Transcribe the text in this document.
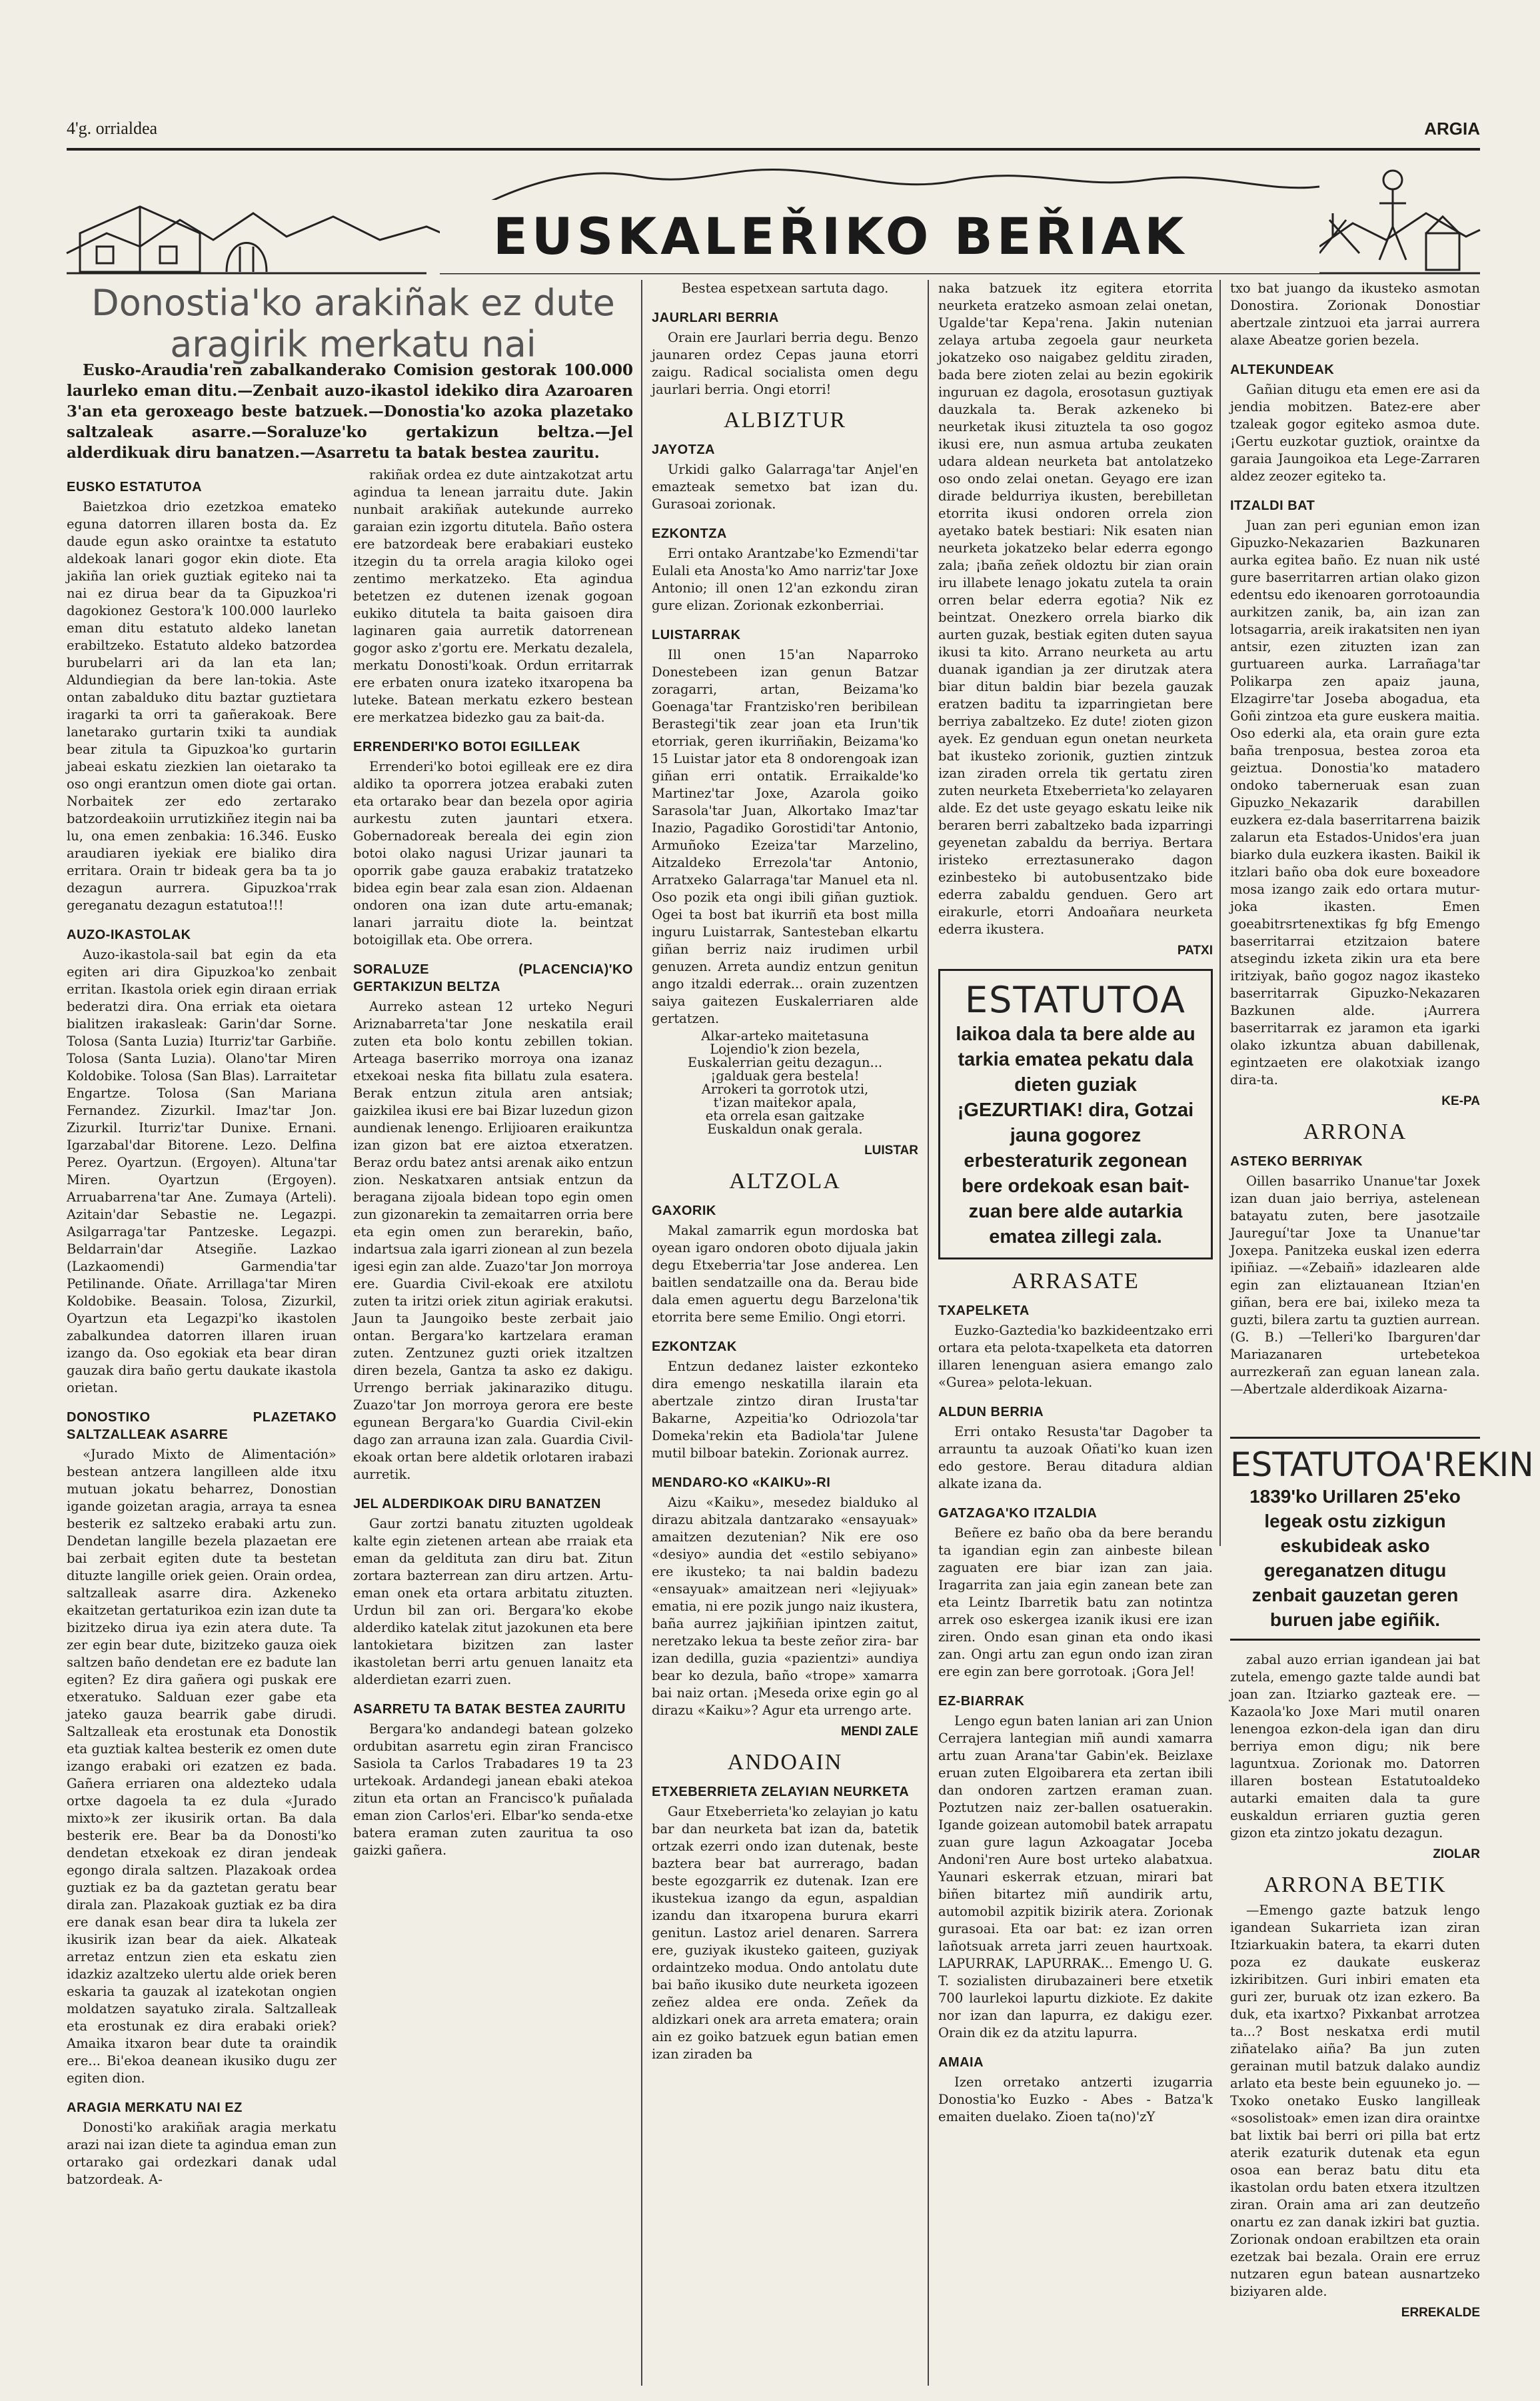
4'g. orrialdea	ARGIA
EUSKALEŘIKO BEŘIAK
Donostia'ko arakiñak ez dute aragirik merkatu nai

Eusko-Araudia'ren zabalkanderako Comision gestorak 100.000 laurleko eman ditu.—Zenbait auzo-ikastol idekiko dira Azaroaren 3'an eta geroxeago beste batzuek.—Donostia'ko azoka plazetako saltzaleak asarre.—Soraluze'ko gertakizun beltza.—Jel alderdikuak diru banatzen.—Asarretu ta batak bestea zauritu.

EUSKO ESTATUTOA

Baietzkoa drio ezetzkoa emateko eguna datorren illaren bosta da. Ez daude egun asko oraintxe ta estatuto aldekoak lanari gogor ekin diote. Eta jakiña lan oriek guztiak egiteko nai ta nai ez dirua bear da ta Gipuzkoa'ri dagokionez Gestora'k 100.000 laurleko eman ditu estatuto aldeko lanetan erabiltzeko. Estatuto aldeko batzordea burubelarri ari da lan eta lan; Aldundiegian da bere lan-tokia. Aste ontan zabalduko ditu baztar guztietara iragarki ta orri ta gañerakoak. Bere lanetarako gurtarin txiki ta aundiak bear zitula ta Gipuzkoa'ko gurtarin jabeai eskatu ziezkien lan oietarako ta oso ongi erantzun omen diote gai ortan. Norbaitek zer edo zertarako batzordeakoiin urrutizkiñez itegin nai ba lu, ona emen zenbakia: 16.346. Eusko araudiaren iyekiak ere bialiko dira erritara. Orain tr bideak gera ba ta jo dezagun aurrera. Gipuzkoa'rrak gereganatu dezagun estatutoa!!!

AUZO-IKASTOLAK

Auzo-ikastola-sail bat egin da eta egiten ari dira Gipuzkoa'ko zenbait erritan. Ikastola oriek egin diraan erriak bederatzi dira. Ona erriak eta oietara bialitzen irakasleak: Garin'dar Sorne. Tolosa (Santa Luzia) Iturriz'tar Garbiñe. Tolosa (Santa Luzia). Olano'tar Miren Koldobike. Tolosa (San Blas). Larraitetar Engartze. Tolosa (San Mariana Fernandez. Zizurkil. Imaz'tar Jon. Zizurkil. Iturriz'tar Dunixe. Ernani. Igarzabal'dar Bitorene. Lezo. Delfina Perez. Oyartzun. (Ergoyen). Altuna'tar Miren. Oyartzun (Ergoyen). Arruabarrena'tar Ane. Zumaya (Arteli). Azitain'dar Sebastie ne. Legazpi. Asilgarraga'tar Pantzeske. Legazpi. Beldarrain'dar Atsegiñe. Lazkao (Lazkaomendi) Garmendia'tar Petilinande. Oñate. Arrillaga'tar Miren Koldobike. Beasain. Tolosa, Zizurkil, Oyartzun eta Legazpi'ko ikastolen zabalkundea datorren illaren iruan izango da. Oso egokiak eta bear diran gauzak dira baño gertu daukate ikastola orietan.

DONOSTIKO PLAZETAKO SALTZALLEAK ASARRE

«Jurado Mixto de Alimentación» bestean antzera langilleen alde itxu mutuan jokatu beharrez, Donostian igande goizetan aragia, arraya ta esnea besterik ez saltzeko erabaki artu zun. Dendetan langille bezela plazaetan ere bai zerbait egiten dute ta bestetan dituzte langille oriek geien. Orain ordea, saltzalleak asarre dira. Azkeneko ekaitzetan gertaturikoa ezin izan dute ta bizitzeko dirua iya ezin atera dute. Ta zer egin bear dute, bizitzeko gauza oiek saltzen baño dendetan ere ez badute lan egiten? Ez dira gañera ogi puskak ere etxeratuko. Salduan ezer gabe eta jateko gauza bearrik gabe dirudi. Saltzalleak eta erostunak eta Donostik eta guztiak kaltea besterik ez omen dute izango erabaki ori ezatzen ez bada. Gañera erriaren ona aldezteko udala ortxe dagoela ta ez dula «Jurado mixto»k zer ikusirik ortan. Ba dala besterik ere. Bear ba da Donosti'ko dendetan etxekoak ez diran jendeak egongo dirala saltzen. Plazakoak ordea guztiak ez ba da gaztetan geratu bear dirala zan. Plazakoak guztiak ez ba dira ere danak esan bear dira ta lukela zer ikusirik izan bear da aiek. Alkateak arretaz entzun zien eta eskatu zien idazkiz azaltzeko ulertu alde oriek beren eskaria ta gauzak al izatekotan ongien moldatzen sayatuko zirala. Saltzalleak eta erostunak ez dira erabaki oriek? Amaika itxaron bear dute ta oraindik ere... Bi'ekoa deanean ikusiko dugu zer egiten dion.

ARAGIA MERKATU NAI EZ

Donosti'ko arakiñak aragia merkatu arazi nai izan diete ta agindua eman zun ortarako gai ordezkari danak udal batzordeak. A-

rakiñak ordea ez dute aintzakotzat artu agindua ta lenean jarraitu dute. Jakin nunbait arakiñak autekunde aurreko garaian ezin izgortu ditutela. Baño ostera ere batzordeak bere erabakiari eusteko itzegin du ta orrela aragia kiloko ogei zentimo merkatzeko. Eta agindua betetzen ez dutenen izenak gogoan eukiko ditutela ta baita gaisoen dira laginaren gaia aurretik datorrenean gogor asko z'gortu ere. Merkatu dezalela, merkatu Donosti'koak. Ordun erritarrak ere erbaten onura izateko itxaropena ba luteke. Batean merkatu ezkero bestean ere merkatzea bidezko gau za bait-da.

ERRENDERI'KO BOTOI EGILLEAK

Errenderi'ko botoi egilleak ere ez dira aldiko ta oporrera jotzea erabaki zuten eta ortarako bear dan bezela opor agiria aurkestu zuten jauntari etxera. Gobernadoreak bereala dei egin zion botoi olako nagusi Urizar jaunari ta oporrik gabe gauza erabakiz tratatzeko bidea egin bear zala esan zion. Aldaenan ondoren ona izan dute artu-emanak; lanari jarraitu diote la. beintzat botoigillak eta. Obe orrera.

SORALUZE (PLACENCIA)'KO GERTAKIZUN BELTZA

Aurreko astean 12 urteko Neguri Ariznabarreta'tar Jone neskatila erail zuten eta bolo kontu zebillen tokian. Arteaga baserriko morroya ona izanaz etxekoai neska fita billatu zula esatera. Berak entzun zitula aren antsiak; gaizkilea ikusi ere bai Bizar luzedun gizon aundienak lenengo. Erlijioaren eraikuntza izan gizon bat ere aiztoa etxeratzen. Beraz ordu batez antsi arenak aiko entzun zion. Neskatxaren antsiak entzun da beragana zijoala bidean topo egin omen zun gizonarekin ta zemaitarren orria bere eta egin omen zun berarekin, baño, indartsua zala igarri zionean al zun bezela igesi egin zan alde. Zuazo'tar Jon morroya ere. Guardia Civil-ekoak ere atxilotu zuten ta iritzi oriek zitun agiriak erakutsi. Jaun ta Jaungoiko beste zerbait jaio ontan. Bergara'ko kartzelara eraman zuten. Zentzunez guzti oriek itzaltzen diren bezela, Gantza ta asko ez dakigu. Urrengo berriak jakinaraziko ditugu. Zuazo'tar Jon morroya gerora ere beste egunean Bergara'ko Guardia Civil-ekin dago zan arrauna izan zala. Guardia Civil-ekoak ortan bere aldetik orlotaren irabazi aurretik.

JEL ALDERDIKOAK DIRU BANATZEN

Gaur zortzi banatu zituzten ugoldeak kalte egin zietenen artean abe rraiak eta eman da geldituta zan diru bat. Zitun zortara bazterrean zan diru artzen. Artu-eman onek eta ortara arbitatu zituzten. Urdun bil zan ori. Bergara'ko ekobe alderdiko katelak zitut jazokunen eta bere lantokietara bizitzen zan laster ikastoletan berri artu genuen lanaitz eta alderdietan ezarri zuen.

ASARRETU TA BATAK BESTEA ZAURITU

Bergara'ko andandegi batean golzeko ordubitan asarretu egin ziran Francisco Sasiola ta Carlos Trabadares 19 ta 23 urtekoak. Ardandegi janean ebaki atekoa zitun eta ortan an Francisco'k puñalada eman zion Carlos'eri. Elbar'ko senda-etxe batera eraman zuten zauritua ta oso gaizki gañera.

Bestea espetxean sartuta dago.

JAURLARI BERRIA

Orain ere Jaurlari berria degu. Benzo jaunaren ordez Cepas jauna etorri zaigu. Radical socialista omen degu jaurlari berria. Ongi etorri!

ALBIZTUR
JAYOTZA

Urkidi galko Galarraga'tar Anjel'en emazteak semetxo bat izan du. Gurasoai zorionak.

EZKONTZA

Erri ontako Arantzabe'ko Ezmendi'tar Eulali eta Anosta'ko Amo narriz'tar Joxe Antonio; ill onen 12'an ezkondu ziran gure elizan. Zorionak ezkonberriai.

LUISTARRAK

Ill onen 15'an Naparroko Donestebeen izan genun Batzar zoragarri, artan, Beizama'ko Goenaga'tar Frantzisko'ren beribilean Berastegi'tik zear joan eta Irun'tik etorriak, geren ikurriñakin, Beizama'ko 15 Luistar jator eta 8 ondorengoak izan giñan erri ontatik. Erraikalde'ko Martinez'tar Joxe, Azarola goiko Sarasola'tar Juan, Alkortako Imaz'tar Inazio, Pagadiko Gorostidi'tar Antonio, Armuñoko Ezeiza'tar Marzelino, Aitzaldeko Errezola'tar Antonio, Arratxeko Galarraga'tar Manuel eta nl. Oso pozik eta ongi ibili giñan guztiok. Ogei ta bost bat ikurriñ eta bost milla inguru Luistarrak, Santesteban elkartu giñan berriz naiz irudimen urbil genuzen. Arreta aundiz entzun genitun ango itzaldi ederrak... orain zuzentzen saiya gaitezen Euskalerriaren alde gertatzen.

Alkar-arteko maitetasuna

Lojendio'k zion bezela,

Euskalerrian geitu dezagun...

¡galduak gera bestela!

Arrokeri ta gorrotok utzi,

t'izan maitekor apala,

eta orrela esan gaitzake

Euskaldun onak gerala.

LUISTAR
ALTZOLA
GAXORIK

Makal zamarrik egun mordoska bat oyean igaro ondoren oboto dijuala jakin degu Etxeberria'tar Jose anderea. Len baitlen sendatzaille ona da. Berau bide dala emen aguertu degu Barzelona'tik etorrita bere seme Emilio. Ongi etorri.

EZKONTZAK

Entzun dedanez laister ezkonteko dira emengo neskatilla ilarain eta abertzale zintzo diran Irusta'tar Bakarne, Azpeitia'ko Odriozola'tar Domeka'rekin eta Badiola'tar Julene mutil bilboar batekin. Zorionak aurrez.

MENDARO-KO «KAIKU»-RI

Aizu «Kaiku», mesedez bialduko al dirazu abitzala dantzarako «ensayuak» amaitzen dezutenian? Nik ere oso «desiyo» aundia det «estilo sebiyano» ere ikusteko; ta nai baldin badezu «ensayuak» amaitzean neri «lejiyuak» ematia, ni ere pozik jungo naiz ikustera, baña aurrez jajkiñian ipintzen zaitut, neretzako lekua ta beste zeñor zira- bar izan dedilla, guzia «pazientzi» aundiya bear ko dezula, baño «trope» xamarra bai naiz ortan. ¡Meseda orixe egin go al dirazu «Kaiku»? Agur eta urrengo arte.

MENDI ZALE
ANDOAIN
ETXEBERRIETA ZELAYIAN NEURKETA

Gaur Etxeberrieta'ko zelayian jo katu bar dan neurketa bat izan da, batetik ortzak ezerri ondo izan dutenak, beste baztera bear bat aurrerago, badan beste egozgarrik ez dutenak. Izan ere ikustekua izango da egun, aspaldian izandu dan itxaropena burura ekarri genitun. Lastoz ariel denaren. Sarrera ere, guziyak ikusteko gaiteen, guziyak ordaintzeko modua. Ondo antolatu dute bai baño ikusiko dute neurketa igozeen zeñez aldea ere onda. Zeñek da aldizkari onek ara arreta ematera; orain ain ez goiko batzuek egun batian emen izan ziraden ba

naka batzuek itz egitera etorrita neurketa eratzeko asmoan zelai onetan, Ugalde'tar Kepa'rena. Jakin nutenian zelaya artuba zegoela gaur neurketa jokatzeko oso naigabez gelditu ziraden, bada bere zioten zelai au bezin egokirik inguruan ez dagola, erosotasun guztiyak dauzkala ta. Berak azkeneko bi neurketak ikusi zituztela ta oso gogoz ikusi ere, nun asmua artuba zeukaten udara aldean neurketa bat antolatzeko oso ondo zelai onetan. Geyago ere izan dirade beldurriya ikusten, berebilletan etorrita ikusi ondoren orrela zion ayetako batek bestiari: Nik esaten nian neurketa jokatzeko belar ederra egongo zala; ¡baña zeñek oldoztu bir zian orain iru illabete lenago jokatu zutela ta orain orren belar ederra egotia? Nik ez beintzat. Onezkero orrela biarko dik aurten guzak, bestiak egiten duten sayua ikusi ta kito. Arrano neurketa au artu duanak igandian ja zer dirutzak atera biar ditun baldin biar bezela gauzak eratzen baditu ta izparringietan bere berriya zabaltzeko. Ez dute! zioten gizon ayek. Ez genduan egun onetan neurketa bat ikusteko zorionik, guztien zintzuk izan ziraden orrela tik gertatu ziren zuten neurketa Etxeberrieta'ko zelayaren alde. Ez det uste geyago eskatu leike nik beraren berri zabaltzeko bada izparringi geyenetan zabaldu da berriya. Bertara iristeko erreztasunerako dagon ezinbesteko bi autobusentzako bide ederra zabaldu genduen. Gero art eirakurle, etorri Andoañara neurketa ederra ikustera.

PATXI
ESTATUTOA
laikoa dala ta bere alde au tarkia ematea pekatu dala dieten guziak ¡GEZURTIAK! dira, Gotzai jauna gogorez erbesteraturik zegonean bere ordekoak esan bait-zuan bere alde autarkia ematea zillegi zala.
ARRASATE
TXAPELKETA

Euzko-Gaztedia'ko bazkideentzako erri ortara eta pelota-txapelketa eta datorren illaren lenenguan asiera emango zalo «Gurea» pelota-lekuan.

ALDUN BERRIA

Erri ontako Resusta'tar Dagober ta arrauntu ta auzoak Oñati'ko kuan izen edo gestore. Berau ditadura aldian alkate izana da.

GATZAGA'KO ITZALDIA

Beñere ez baño oba da bere berandu ta igandian egin zan ainbeste bilean zaguaten ere biar izan zan jaia. Iragarrita zan jaia egin zanean bete zan eta Leintz Ibarretik batu zan notintza arrek oso eskergea izanik ikusi ere izan ziren. Ondo esan ginan eta ondo ikasi zan. Ongi artu zan egun ondo izan ziran ere egin zan bere gorrotoak. ¡Gora Jel!

EZ-BIARRAK

Lengo egun baten lanian ari zan Union Cerrajera lantegian miñ aundi xamarra artu zuan Arana'tar Gabin'ek. Beizlaxe eruan zuten Elgoibarera eta zertan ibili dan ondoren zartzen eraman zuan. Poztutzen naiz zer-ballen osatuerakin. Igande goizean automobil batek arrapatu zuan gure lagun Azkoagatar Joceba Andoni'ren Aure bost urteko alabatxua. Yaunari eskerrak etzuan, mirari bat biñen bitartez miñ aundirik artu, automobil azpitik bizirik atera. Zorionak gurasoai. Eta oar bat: ez izan orren lañotsuak arreta jarri zeuen haurtxoak. LAPURRAK, LAPURRAK... Emengo U. G. T. sozialisten dirubazaineri bere etxetik 700 laurlekoi lapurtu dizkiote. Ez dakite nor izan dan lapurra, ez dakigu ezer. Orain dik ez da atzitu lapurra.

AMAIA

Izen orretako antzerti izugarria Donostia'ko Euzko - Abes - Batza'k emaiten duelako. Zioen ta(no)'zY

txo bat juango da ikusteko asmotan Donostira. Zorionak Donostiar abertzale zintzuoi eta jarrai aurrera alaxe Abeatze gorien bezela.

ALTEKUNDEAK

Gañian ditugu eta emen ere asi da jendia mobitzen. Batez-ere aber tzaleak gogor egiteko asmoa dute. ¡Gertu euzkotar guztiok, oraintxe da garaia Jaungoikoa eta Lege-Zarraren aldez zeozer egiteko ta.

ITZALDI BAT

Juan zan peri egunian emon izan Gipuzko-Nekazarien Bazkunaren aurka egitea baño. Ez nuan nik usté gure baserritarren artian olako gizon edentsu edo ikenoaren gorrotoaundia aurkitzen zanik, ba, ain izan zan lotsagarria, areik irakatsiten nen iyan antsir, ezen zituzten izan zan gurtuareen aurka. Larrañaga'tar Polikarpa zen apaiz jauna, Elzagirre'tar Joseba abogadua, eta Goñi zintzoa eta gure euskera maitia. Oso ederki ala, eta orain gure ezta baña trenposua, bestea zoroa eta geiztua. Donostia'ko matadero ondoko taberneruak esan zuan Gipuzko_Nekazarik darabillen euzkera ez-dala baserritarrena baizik zalarun eta Estados-Unidos'era juan biarko dula euzkera ikasten. Baikil ik itzlari baño oba dok eure boxeadore mosa izango zaik edo ortara mutur-joka ikasten. Emen goeabitrsrtenextikas fg bfg Emengo baserritarrai etzitzaion batere atsegindu izketa zikin ura eta bere iritziyak, baño gogoz nagoz ikasteko baserritarrak Gipuzko-Nekazaren Bazkunen alde. ¡Aurrera baserritarrak ez jaramon eta igarki olako izkuntza abuan dabillenak, egintzaeten ere olakotxiak izango dira-ta.

KE-PA
ARRONA
ASTEKO BERRIYAK

Oillen basarriko Unanue'tar Joxek izan duan jaio berriya, astelenean batayatu zuten, bere jasotzaile Jaureguí'tar Joxe ta Unanue'tar Joxepa. Panitzeka euskal izen ederra ipiñiaz. —«Zebaiñ» idazlearen alde egin zan eliztauanean Itzian'en giñan, bera ere bai, ixileko meza ta guzti, bilera zartu ta guztien aurrean. (G. B.) —Telleri'ko Ibarguren'dar Mariazanaren urtebetekoa aurrezkerañ zan eguan lanean zala. —Abertzale alderdikoak Aizarna-

ESTATUTOA'REKIN
1839'ko Urillaren 25'eko legeak ostu zizkigun eskubideak asko gereganatzen ditugu zenbait gauzetan geren buruen jabe egiñik.

zabal auzo errian igandean jai bat zutela, emengo gazte talde aundi bat joan zan. Itziarko gazteak ere. —Kazaola'ko Joxe Mari mutil onaren lenengoa ezkon-dela igan dan diru berriya emon digu; nik bere laguntxua. Zorionak mo. Datorren illaren bostean Estatutoaldeko autarki emaiten dala ta gure euskaldun erriaren guztia geren gizon eta zintzo jokatu dezagun.

ZIOLAR
ARRONA BETIK

—Emengo gazte batzuk lengo igandean Sukarrieta izan ziran Itziarkuakin batera, ta ekarri duten poza ez daukate euskeraz izkiribitzen. Guri inbiri ematen eta guri zer, buruak otz izan ezkero. Ba duk, eta ixartxo? Pixkanbat arrotzea ta...? Bost neskatxa erdi mutil ziñatelako aiña? Ba jun zuten gerainan mutil batzuk dalako aundiz arlato eta beste bein eguuneko jo. —Txoko onetako Eusko langilleak «sosolistoak» emen izan dira oraintxe bat lixtik bai berri ori pilla bat ertz aterik ezaturik dutenak eta egun osoa ean beraz batu ditu eta ikastolan ordu baten etxera itzultzen ziran. Orain ama ari zan deutzeño onartu ez zan danak izkiri bat guztia. Zorionak ondoan erabiltzen eta orain ezetzak bai bezala. Orain ere erruz nutzaren egun batean ausnartzeko biziyaren alde.

ERREKALDE
